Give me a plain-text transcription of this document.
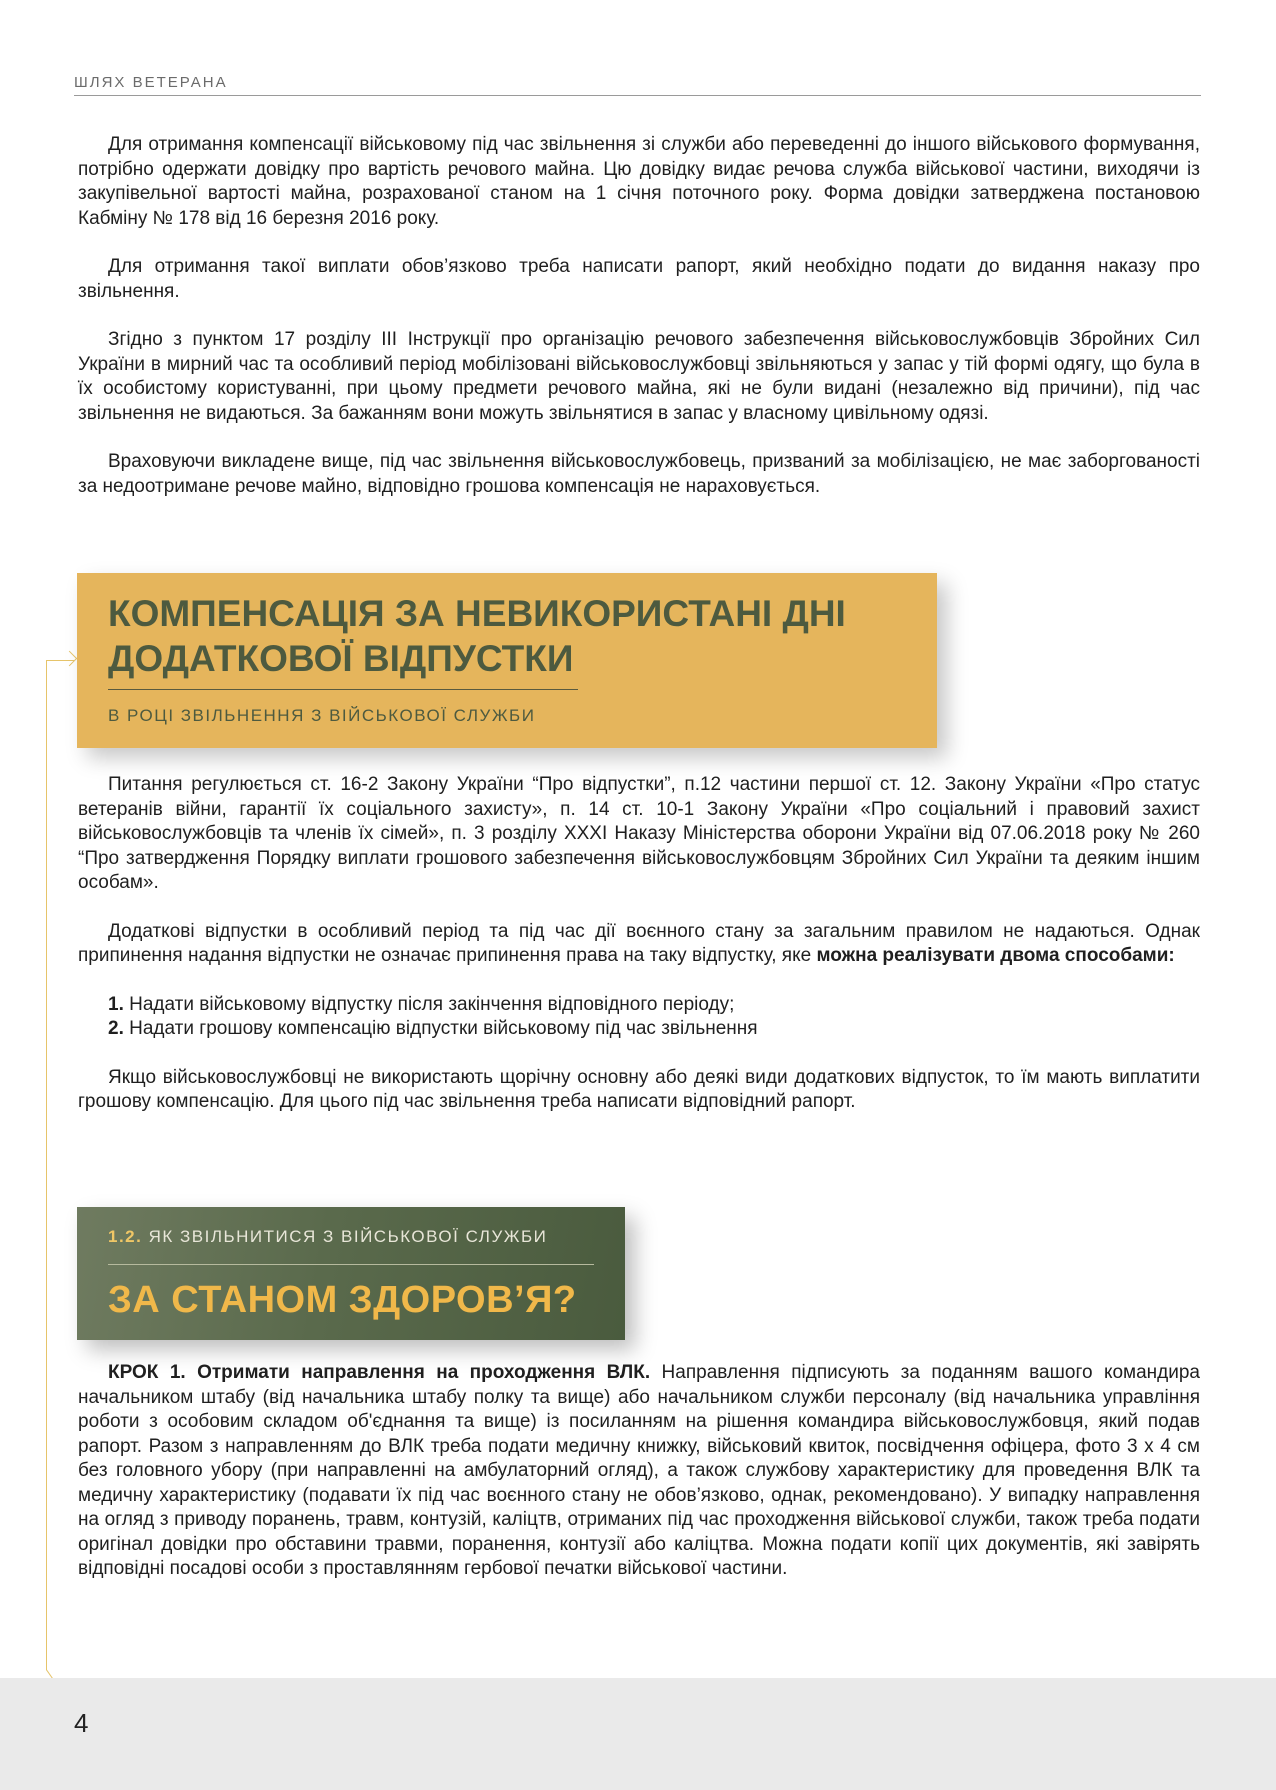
ШЛЯХ ВЕТЕРАНА

Для отримання компенсації військовому під час звільнення зі служби або переведенні до іншого військового формування, потрібно одержати довідку про вартість речового майна. Цю довідку видає речова служба військової частини, виходячи із закупівельної вартості майна, розрахованої станом на 1 січня поточного року. Форма довідки затверджена постановою Кабміну № 178 від 16 березня 2016 року.

Для отримання такої виплати обов’язково треба написати рапорт, який необхідно подати до видання наказу про звільнення.

Згідно з пунктом 17 розділу III Інструкції про організацію речового забезпечення військовослужбовців Збройних Сил України в мирний час та особливий період мобілізовані військовослужбовці звільняються у запас у тій формі одягу, що була в їх особистому користуванні, при цьому предмети речового майна, які не були видані (незалежно від причини), під час звільнення не видаються. За бажанням вони можуть звільнятися в запас у власному цивільному одязі.

Враховуючи викладене вище, під час звільнення військовослужбовець, призваний за мобілізацією, не має заборгованості за недоотримане речове майно, відповідно грошова компенсація не нараховується.

КОМПЕНСАЦІЯ ЗА НЕВИКОРИСТАНІ ДНІ ДОДАТКОВОЇ ВІДПУСТКИ
В РОЦІ ЗВІЛЬНЕННЯ З ВІЙСЬКОВОЇ СЛУЖБИ

Питання регулюється ст. 16-2 Закону України “Про відпустки”, п.12 частини першої ст. 12. Закону України «Про статус ветеранів війни, гарантії їх соціального захисту», п. 14 ст. 10-1 Закону України «Про соціальний і правовий захист військовослужбовців та членів їх сімей», п. 3 розділу XXXI Наказу Міністерства оборони України від 07.06.2018 року № 260 “Про затвердження Порядку виплати грошового забезпечення військовослужбовцям Збройних Сил України та деяким іншим особам».

Додаткові відпустки в особливий період та під час дії воєнного стану за загальним правилом не надаються. Однак припинення надання відпустки не означає припинення права на таку відпустку, яке можна реалізувати двома способами:

1. Надати військовому відпустку після закінчення відповідного періоду;
2. Надати грошову компенсацію відпустки військовому під час звільнення

Якщо військовослужбовці не використають щорічну основну або деякі види додаткових відпусток, то їм мають виплатити грошову компенсацію. Для цього під час звільнення треба написати відповідний рапорт.

1.2. ЯК ЗВІЛЬНИТИСЯ З ВІЙСЬКОВОЇ СЛУЖБИ
ЗА СТАНОМ ЗДОРОВ’Я?

КРОК 1. Отримати направлення на проходження ВЛК. Направлення підписують за поданням вашого командира начальником штабу (від начальника штабу полку та вище) або начальником служби персоналу (від начальника управління роботи з особовим складом об'єднання та вище) із посиланням на рішення командира військовослужбовця, який подав рапорт. Разом з направленням до ВЛК треба подати медичну книжку, військовий квиток, посвідчення офіцера, фото 3 х 4 см без головного убору (при направленні на амбулаторний огляд), а також службову характеристику для проведення ВЛК та медичну характеристику (подавати їх під час воєнного стану не обов’язково, однак, рекомендовано). У випадку направлення на огляд з приводу поранень, травм, контузій, каліцтв, отриманих під час проходження військової служби, також треба подати оригінал довідки про обставини травми, поранення, контузії або каліцтва. Можна подати копії цих документів, які завірять відповідні посадові особи з проставлянням гербової печатки військової частини.

4
